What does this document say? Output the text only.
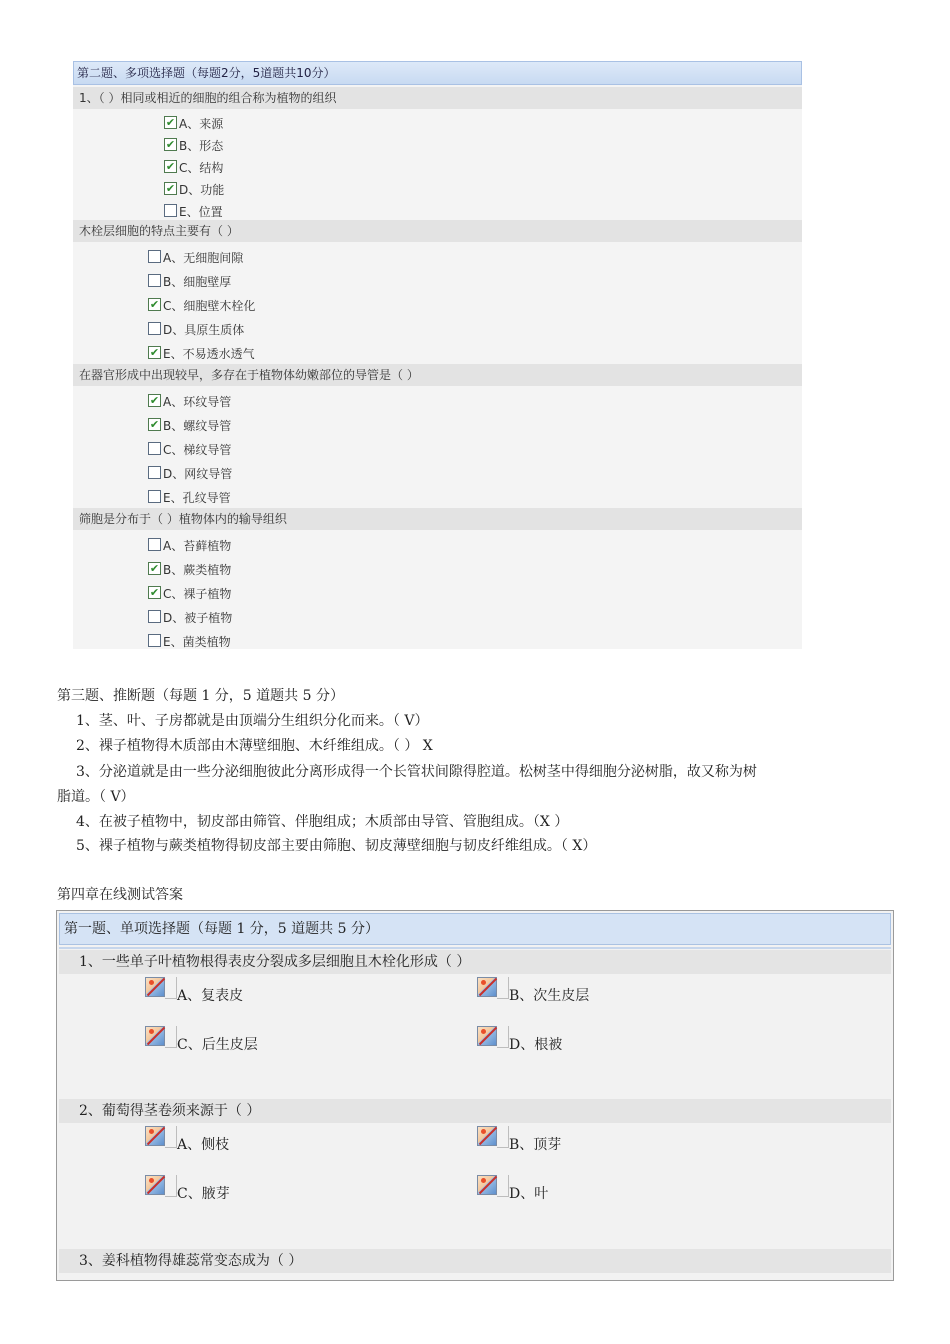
第二题、多项选择题（每题2分，5道题共10分）
1、（ ）相同或相近的细胞的组合称为植物的组织
✔ A、来源
✔ B、形态
✔ C、结构
✔ D、功能
E、位置
木栓层细胞的特点主要有（ ）
A、无细胞间隙
B、细胞壁厚
✔ C、细胞壁木栓化
D、具原生质体
✔ E、不易透水透气
在器官形成中出现较早，多存在于植物体幼嫩部位的导管是（ ）
✔ A、环纹导管
✔ B、螺纹导管
C、梯纹导管
D、网纹导管
E、孔纹导管
筛胞是分布于（ ）植物体内的输导组织
A、苔藓植物
✔ B、蕨类植物
✔ C、裸子植物
D、被子植物
E、菌类植物
第三题、推断题（每题 1 分，5 道题共 5 分）
1、茎、叶、子房都就是由顶端分生组织分化而来。（ V）
2、裸子植物得木质部由木薄壁细胞、木纤维组成。（ ） X
3、分泌道就是由一些分泌细胞彼此分离形成得一个长管状间隙得腔道。松树茎中得细胞分泌树脂，故又称为树
脂道。（ V）
4、在被子植物中，韧皮部由筛管、伴胞组成；木质部由导管、管胞组成。（X ）
5、裸子植物与蕨类植物得韧皮部主要由筛胞、韧皮薄壁细胞与韧皮纤维组成。（ X）
第四章在线测试答案
第一题、单项选择题（每题 1 分，5 道题共 5 分）
1、一些单子叶植物根得表皮分裂成多层细胞且木栓化形成（ ）
A、复表皮	B、次生皮层
C、后生皮层	D、根被
2、葡萄得茎卷须来源于（ ）
A、侧枝	B、顶芽
C、腋芽	D、叶
3、姜科植物得雄蕊常变态成为（ ）
